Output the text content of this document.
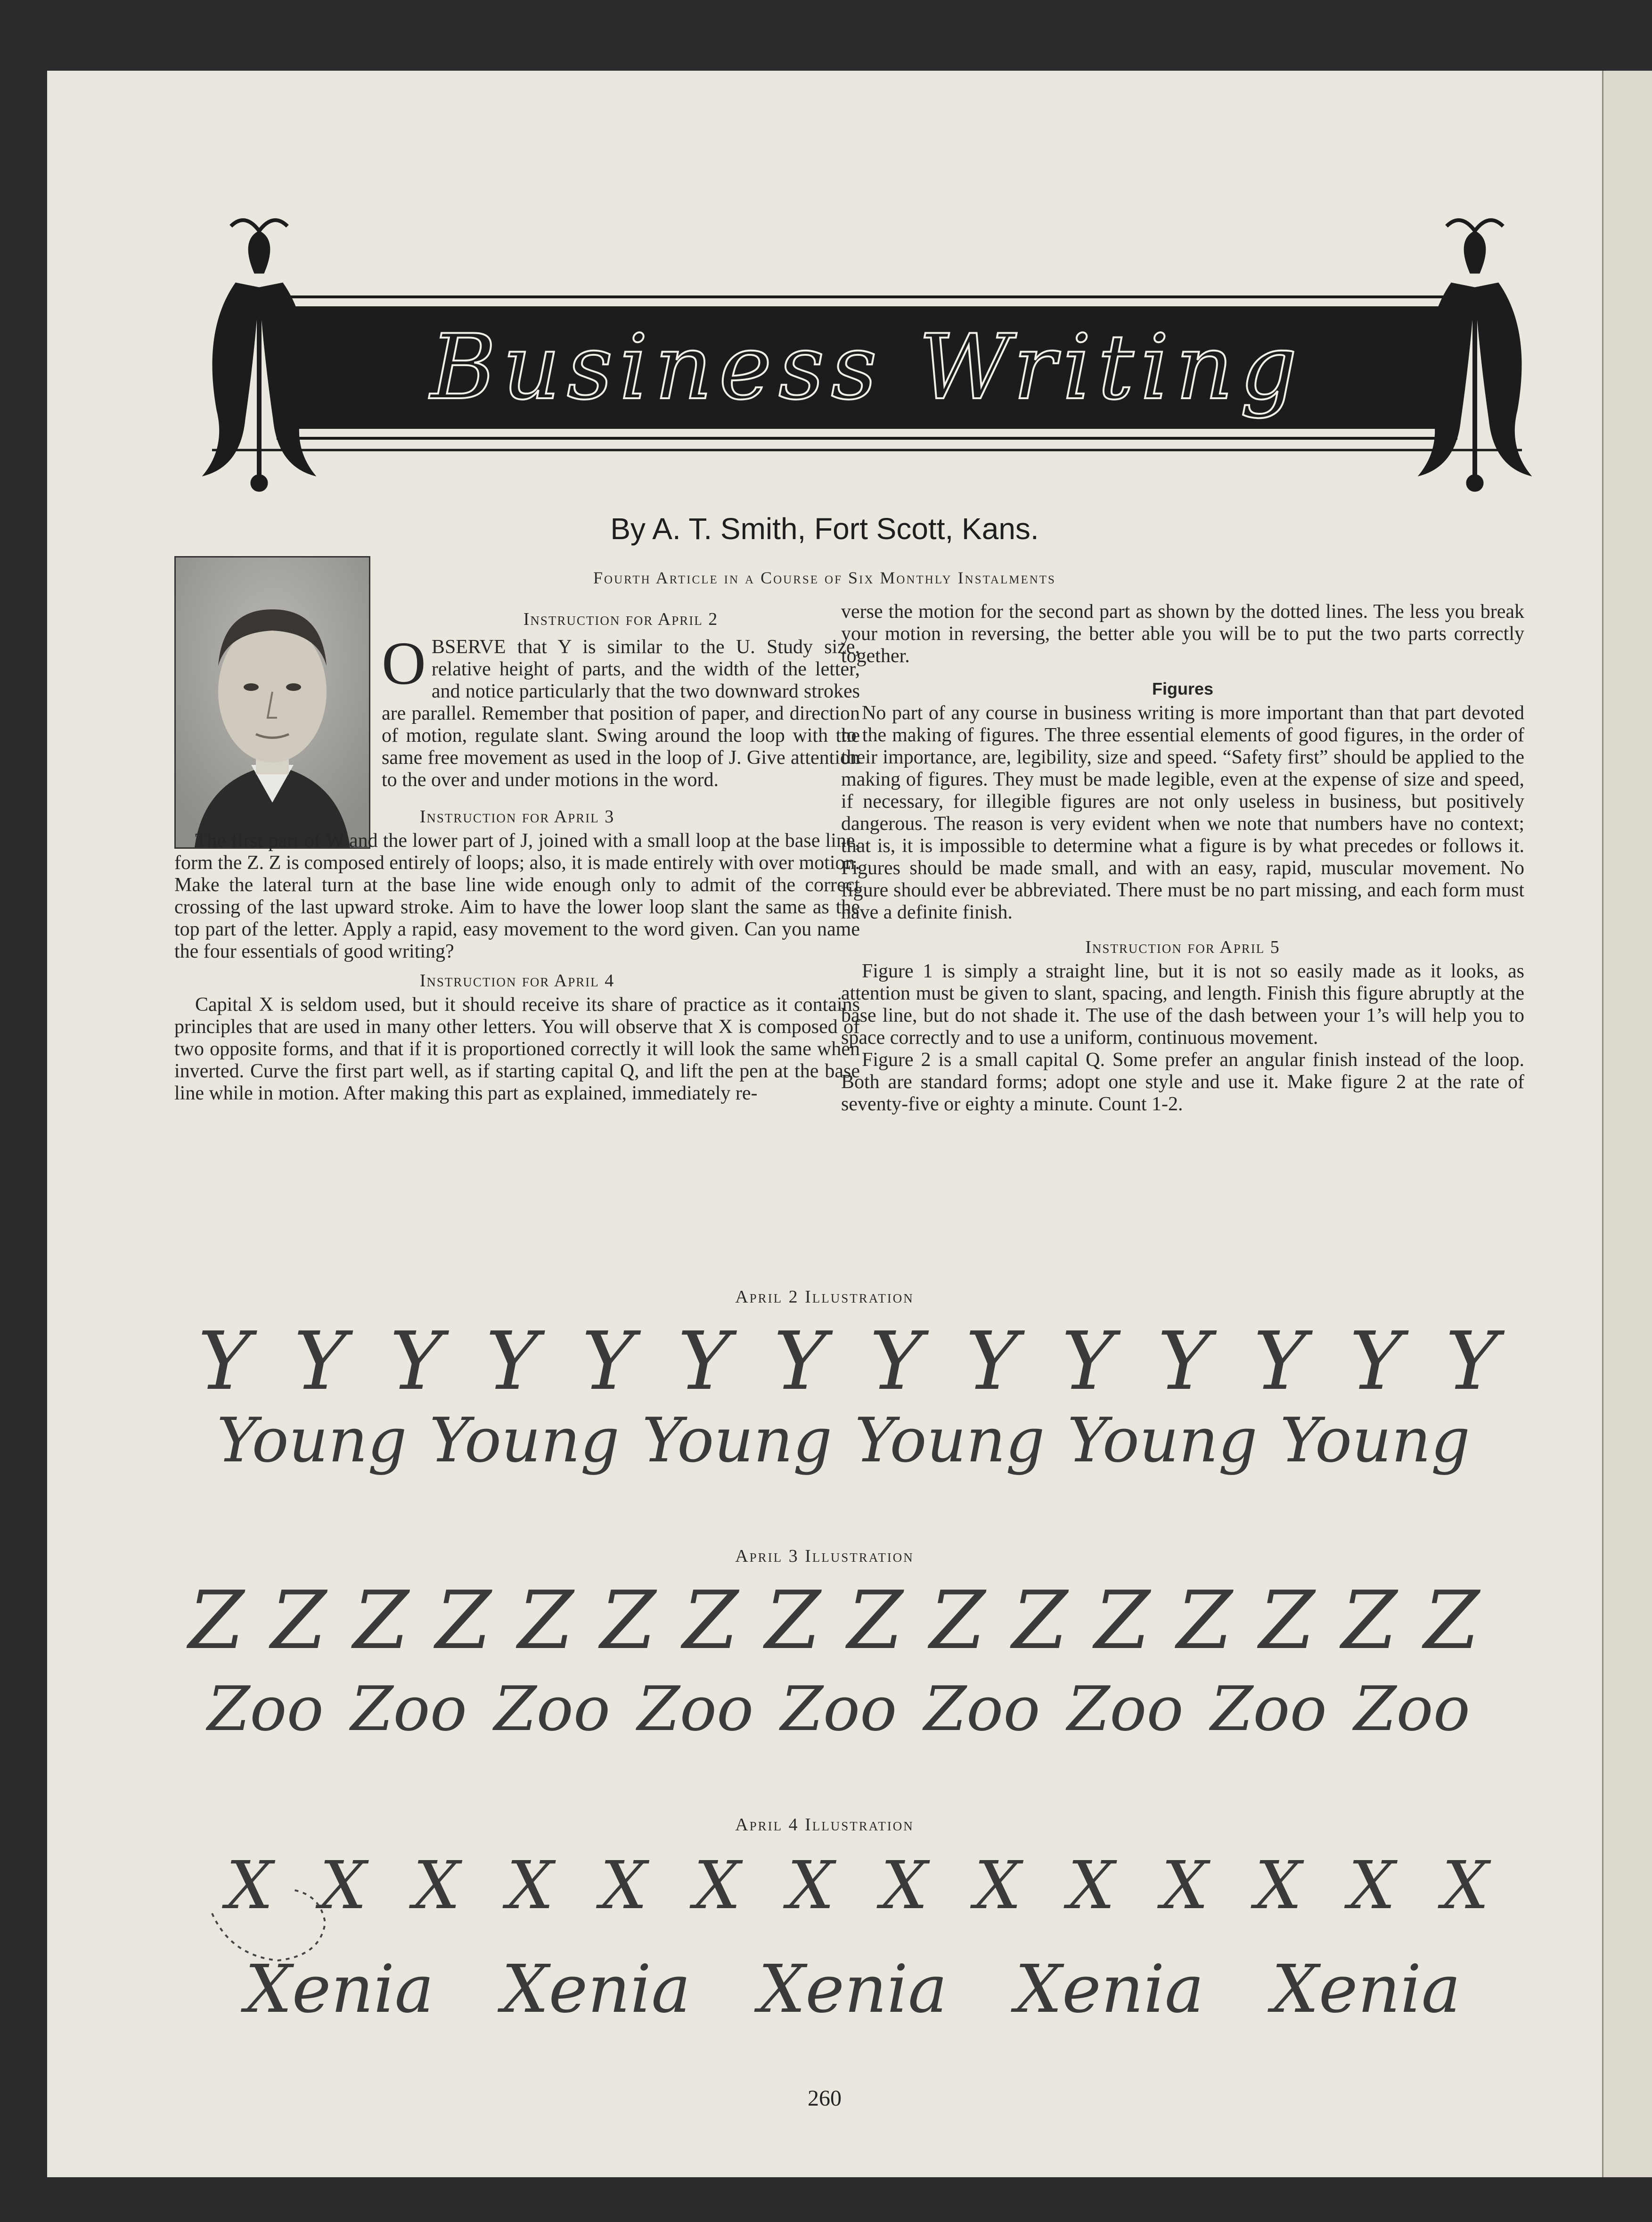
Business Writing
By A. T. Smith, Fort Scott, Kans.
Fourth Article in a Course of Six Monthly Instalments
Instruction for April 2
O BSERVE that Y is similar to the U. Study size, relative height of parts, and the width of the letter, and notice particularly that the two downward strokes are parallel. Remember that position of paper, and direction of motion, regulate slant. Swing around the loop with the same free movement as used in the loop of J. Give attention to the over and under motions in the word.
Instruction for April 3

The first part of W and the lower part of J, joined with a small loop at the base line, form the Z. Z is composed entirely of loops; also, it is made entirely with over motion. Make the lateral turn at the base line wide enough only to admit of the correct crossing of the last upward stroke. Aim to have the lower loop slant the same as the top part of the letter. Apply a rapid, easy movement to the word given. Can you name the four essentials of good writing?

Instruction for April 4

Capital X is seldom used, but it should receive its share of practice as it contains principles that are used in many other letters. You will observe that X is composed of two opposite forms, and that if it is proportioned correctly it will look the same when inverted. Curve the first part well, as if starting capital Q, and lift the pen at the base line while in motion. After making this part as explained, immediately re-

verse the motion for the second part as shown by the dotted lines. The less you break your motion in reversing, the better able you will be to put the two parts correctly together.

Figures

No part of any course in business writing is more important than that part devoted to the making of figures. The three essential elements of good figures, in the order of their importance, are, legibility, size and speed. “Safety first” should be applied to the making of figures. They must be made legible, even at the expense of size and speed, if necessary, for illegible figures are not only useless in business, but positively dangerous. The reason is very evident when we note that numbers have no context; that is, it is impossible to determine what a figure is by what precedes or follows it. Figures should be made small, and with an easy, rapid, muscular movement. No figure should ever be abbreviated. There must be no part missing, and each form must have a definite finish.

Instruction for April 5

Figure 1 is simply a straight line, but it is not so easily made as it looks, as attention must be given to slant, spacing, and length. Finish this figure abruptly at the base line, but do not shade it. The use of the dash between your 1’s will help you to space correctly and to use a uniform, continuous movement.

Figure 2 is a small capital Q. Some prefer an angular finish instead of the loop. Both are standard forms; adopt one style and use it. Make figure 2 at the rate of seventy-five or eighty a minute. Count 1-2.

April 2 Illustration
Y Y Y Y Y Y Y Y Y Y Y Y Y Y
Young Young Young Young Young Young
April 3 Illustration
Z Z Z Z Z Z Z Z Z Z Z Z Z Z Z Z
Zoo Zoo Zoo Zoo Zoo Zoo Zoo Zoo Zoo
April 4 Illustration
X X X X X X X X X X X X X X
Xenia Xenia Xenia Xenia Xenia
260
